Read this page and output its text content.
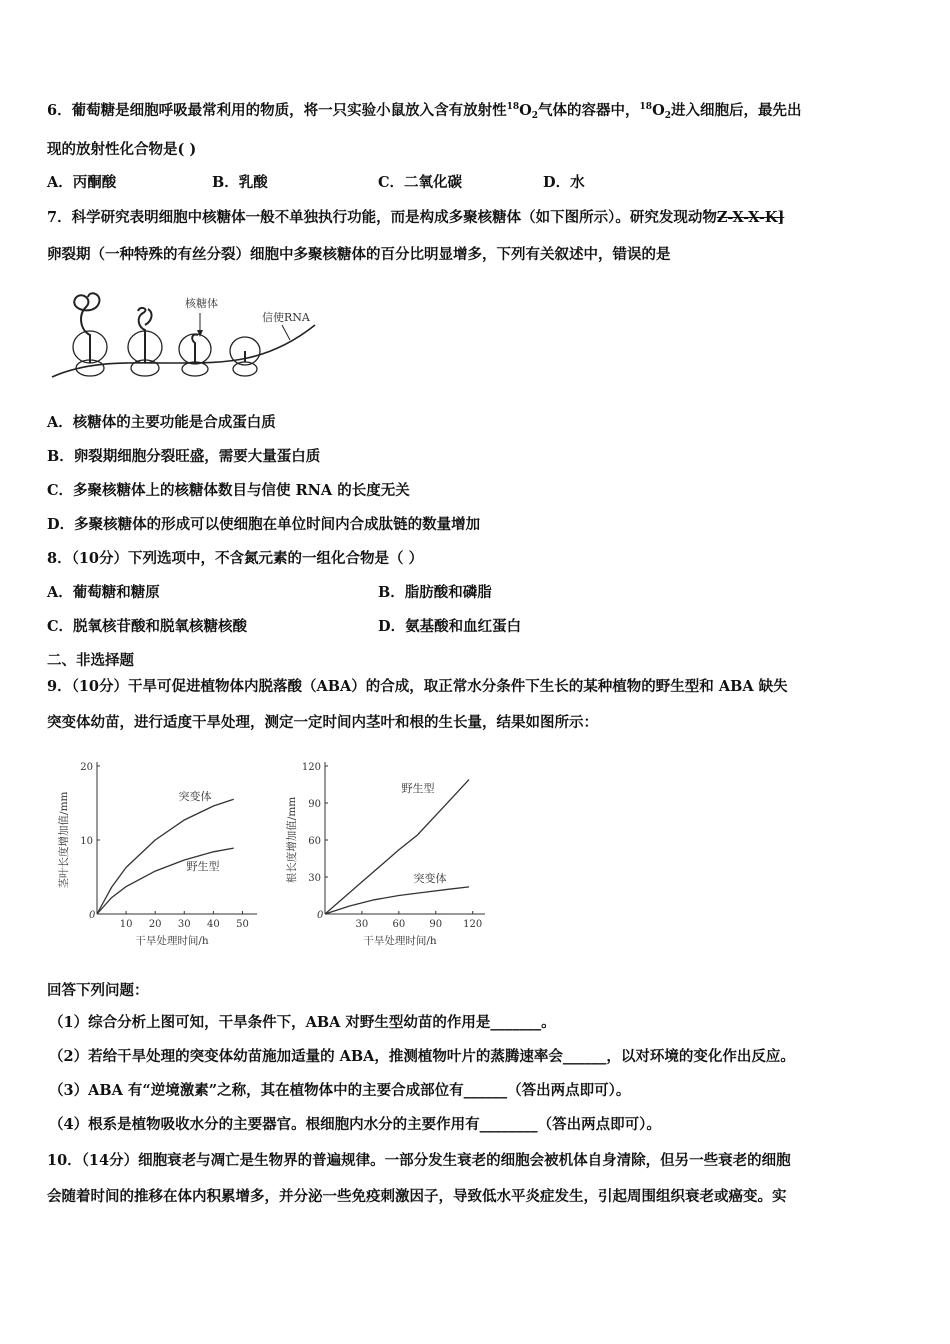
6．葡萄糖是细胞呼吸最常利用的物质，将一只实验小鼠放入含有放射性$^{18}O_2$气体的容器中，$^{18}O_2$进入细胞后，最先出
现的放射性化合物是( )
A．丙酮酸	B．乳酸	C．二氧化碳	D．水
7．科学研究表明细胞中核糖体一般不单独执行功能，而是构成多聚核糖体（如下图所示）。研究发现动物Z-X-X-K]
卵裂期（一种特殊的有丝分裂）细胞中多聚核糖体的百分比明显增多，下列有关叙述中，错误的是
核糖体
信使RNA
A．核糖体的主要功能是合成蛋白质
B．卵裂期细胞分裂旺盛，需要大量蛋白质
C．多聚核糖体上的核糖体数目与信使 RNA 的长度无关
D．多聚核糖体的形成可以使细胞在单位时间内合成肽链的数量增加
8．（10分）下列选项中，不含氮元素的一组化合物是（ ）
A．葡萄糖和糖原	B．脂肪酸和磷脂
C．脱氧核苷酸和脱氧核糖核酸	D．氨基酸和血红蛋白
二、非选择题
9．（10分）干旱可促进植物体内脱落酸（ABA）的合成，取正常水分条件下生长的某种植物的野生型和 ABA 缺失
突变体幼苗，进行适度干旱处理，测定一定时间内茎叶和根的生长量，结果如图所示：
10 20 30 40 50
10
20
0
干旱处理时间/h
茎叶长度增加值/mm	突变体
野生型
30 60 90 120
30
60
90
120
0
干旱处理时间/h
根长度增加值/mm
野生型
突变体
回答下列问题：
（1）综合分析上图可知，干旱条件下，ABA 对野生型幼苗的作用是_______。
（2）若给干旱处理的突变体幼苗施加适量的 ABA，推测植物叶片的蒸腾速率会______，以对环境的变化作出反应。
（3）ABA 有“逆境激素”之称，其在植物体中的主要合成部位有______（答出两点即可）。
（4）根系是植物吸收水分的主要器官。根细胞内水分的主要作用有________（答出两点即可）。
10．（14分）细胞衰老与凋亡是生物界的普遍规律。一部分发生衰老的细胞会被机体自身清除，但另一些衰老的细胞
会随着时间的推移在体内积累增多，并分泌一些免疫刺激因子，导致低水平炎症发生，引起周围组织衰老或癌变。实
